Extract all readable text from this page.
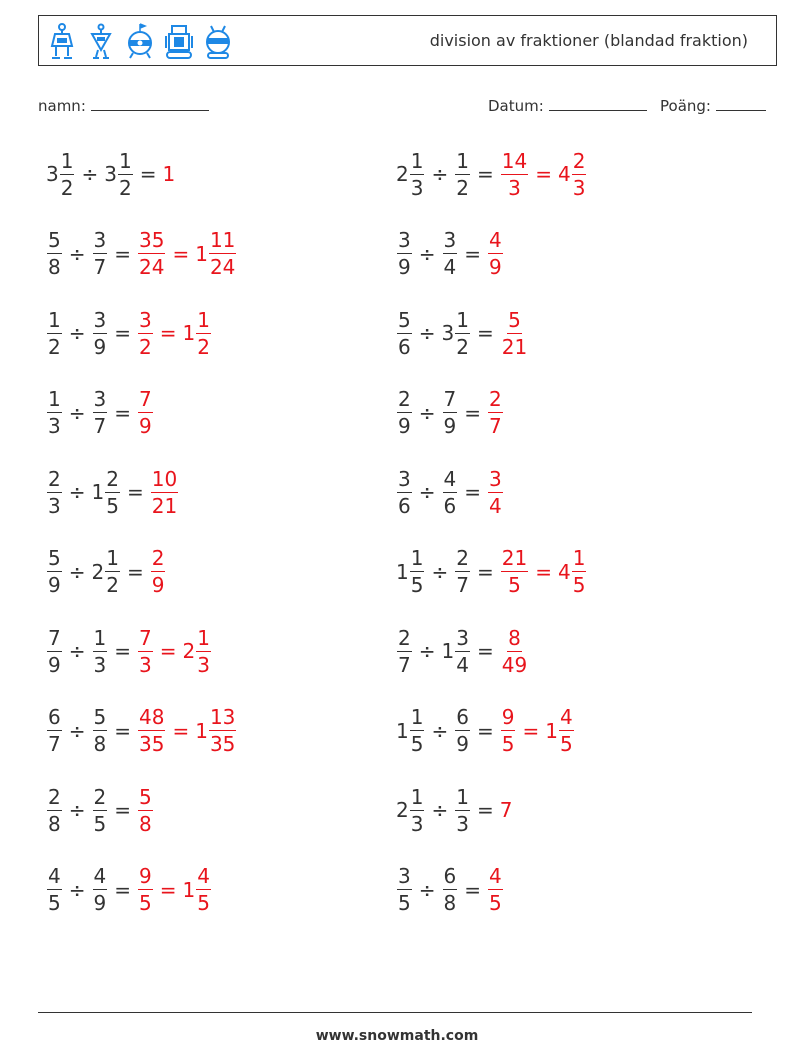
division av fraktioner (blandad fraktion)
namn:	Datum:	Poäng:
$3 \frac{1}{2} \div 3 \frac{1}{2} = 1$	$2 \frac{1}{3} \div \frac{1}{2} = \frac{14}{3} = 4 \frac{2}{3}$
$\frac{5}{8} \div \frac{3}{7} = \frac{35}{24} = 1 \frac{11}{24}$	$\frac{3}{9} \div \frac{3}{4} = \frac{4}{9}$
$\frac{1}{2} \div \frac{3}{9} = \frac{3}{2} = 1 \frac{1}{2}$	$\frac{5}{6} \div 3 \frac{1}{2} = \frac{5}{21}$
$\frac{1}{3} \div \frac{3}{7} = \frac{7}{9}$	$\frac{2}{9} \div \frac{7}{9} = \frac{2}{7}$
$\frac{2}{3} \div 1 \frac{2}{5} = \frac{10}{21}$	$\frac{3}{6} \div \frac{4}{6} = \frac{3}{4}$
$\frac{5}{9} \div 2 \frac{1}{2} = \frac{2}{9}$	$1 \frac{1}{5} \div \frac{2}{7} = \frac{21}{5} = 4 \frac{1}{5}$
$\frac{7}{9} \div \frac{1}{3} = \frac{7}{3} = 2 \frac{1}{3}$	$\frac{2}{7} \div 1 \frac{3}{4} = \frac{8}{49}$
$\frac{6}{7} \div \frac{5}{8} = \frac{48}{35} = 1 \frac{13}{35}$	$1 \frac{1}{5} \div \frac{6}{9} = \frac{9}{5} = 1 \frac{4}{5}$
$\frac{2}{8} \div \frac{2}{5} = \frac{5}{8}$	$2 \frac{1}{3} \div \frac{1}{3} = 7$
$\frac{4}{5} \div \frac{4}{9} = \frac{9}{5} = 1 \frac{4}{5}$	$\frac{3}{5} \div \frac{6}{8} = \frac{4}{5}$
www.snowmath.com
